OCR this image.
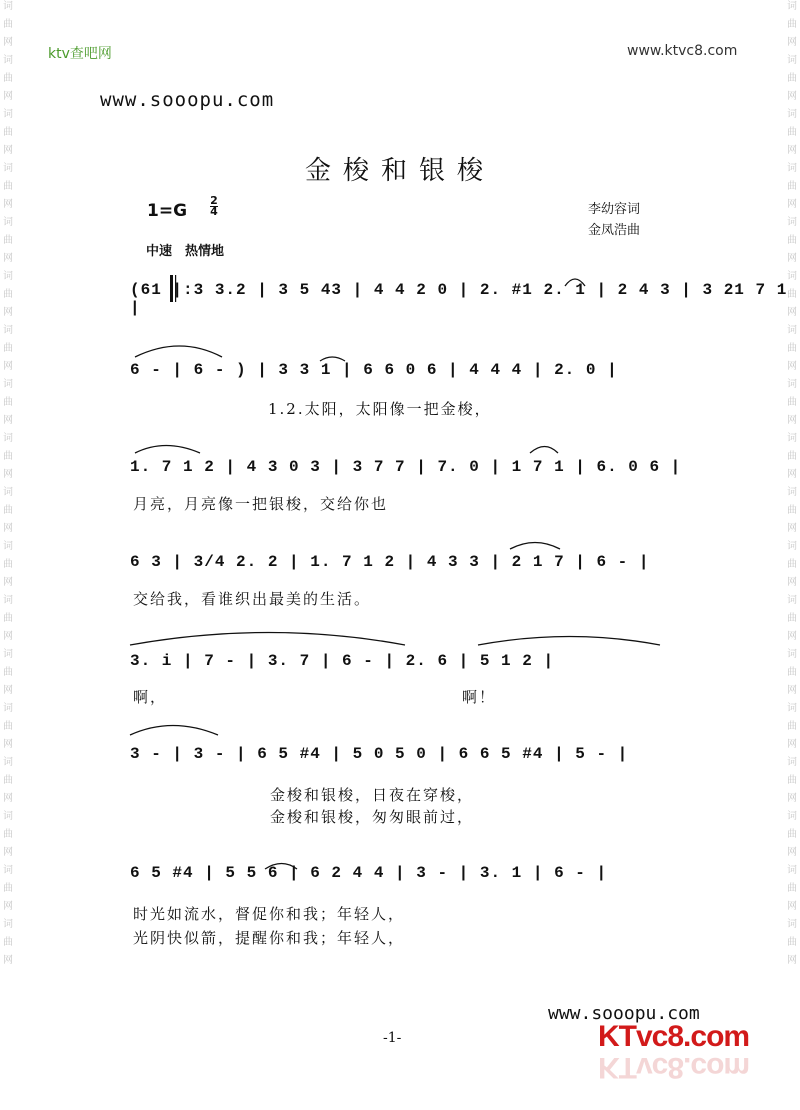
词
曲
网
词
曲
网
词
曲
网
词
曲
网
词
曲
网
词
曲
网
词
曲
网
词
曲
网
词
曲
网
词
曲
网
词
曲
网
词
曲
网
词
曲
网
词
曲
网
词
曲
网
词
曲
网
词
曲
网
词
曲
网
词
曲
网
词
曲
网
词
曲
网
词
曲
网
词
曲
网
词
曲
网
词
曲
网
词
曲
网
词
曲
网
词
曲
网
词
曲
网
词
曲
网
词
曲
网
词
曲
网
词
曲
网
词
曲
网
词
曲
网
词
曲
网
ktv查吧网	www.ktvc8.com
www.sooopu.com
金梭和银梭
1=G
2
4	李幼容词
金凤浩曲
中速　热情地
(61 |:3 3.2 | 3 5 43 | 4 4 2 0 | 2. #1 2. 1 | 2 4 3 | 3 21 7 1 |
6 - | 6 - ) | 3 3 1 | 6 6 0 6 | 4 4 4 | 2. 0 |
1.2.太阳，太阳像一把金梭，
1. 7 1 2 | 4 3 0 3 | 3 7 7 | 7. 0 | 1 7 1 | 6. 0 6 |
月亮，月亮像一把银梭，交给你也
6 3 | 3/4 2. 2 | 1. 7 1 2 | 4 3 3 | 2 1 7 | 6 - |
交给我，看谁织出最美的生活。
3. i | 7 - | 3. 7 | 6 - | 2. 6 | 5 1 2 |
啊，	啊！
3 - | 3 - | 6 5 #4 | 5 0 5 0 | 6 6 5 #4 | 5 - |
金梭和银梭，日夜在穿梭，
金梭和银梭，匆匆眼前过，
6 5 #4 | 5 5 6 | 6 2 4 4 | 3 - | 3. 1 | 6 - |
时光如流水，督促你和我；年轻人，
光阴快似箭，提醒你和我；年轻人，
www.sooopu.com
-1-	KTvc8.com
KTvc8.com
